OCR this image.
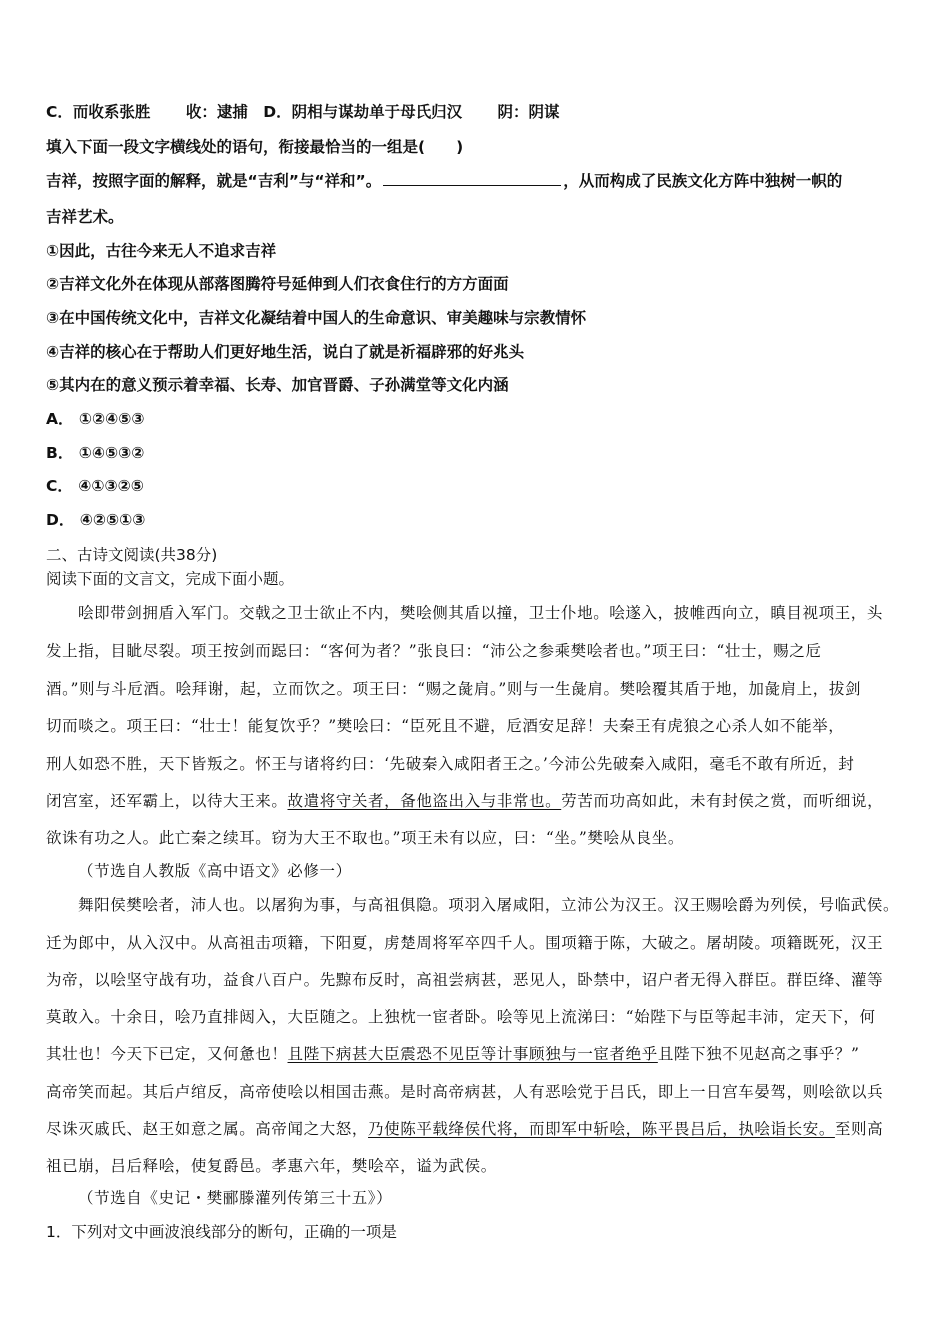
C．而收系张胜 收：逮捕 D．阴相与谋劫单于母氏归汉 阴：阴谋
填入下面一段文字横线处的语句，衔接最恰当的一组是(　　)
吉祥，按照字面的解释，就是“吉利”与“祥和”。	，从而构成了民族文化方阵中独树一帜的
吉祥艺术。
①因此，古往今来无人不追求吉祥
②吉祥文化外在体现从部落图腾符号延伸到人们衣食住行的方方面面
③在中国传统文化中，吉祥文化凝结着中国人的生命意识、审美趣味与宗教情怀
④吉祥的核心在于帮助人们更好地生活，说白了就是祈福辟邪的好兆头
⑤其内在的意义预示着幸福、长寿、加官晋爵、子孙满堂等文化内涵
A． ①②④⑤③
B． ①④⑤③②
C． ④①③②⑤
D． ④②⑤①③
二、古诗文阅读(共38分)
阅读下面的文言文，完成下面小题。
哙即带剑拥盾入军门。交戟之卫士欲止不内，樊哙侧其盾以撞，卫士仆地。哙遂入，披帷西向立，瞋目视项王，头
发上指，目眦尽裂。项王按剑而跽曰：“客何为者？”张良曰：“沛公之参乘樊哙者也。”项王曰：“壮士，赐之卮
酒。”则与斗卮酒。哙拜谢，起，立而饮之。项王曰：“赐之彘肩。”则与一生彘肩。樊哙覆其盾于地，加彘肩上，拔剑
切而啖之。项王曰：“壮士！能复饮乎？”樊哙曰：“臣死且不避，卮酒安足辞！夫秦王有虎狼之心杀人如不能举，
刑人如恐不胜，天下皆叛之。怀王与诸将约曰：‘先破秦入咸阳者王之。’今沛公先破秦入咸阳，毫毛不敢有所近，封
闭宫室，还军霸上，以待大王来。故遣将守关者，备他盗出入与非常也。劳苦而功高如此，未有封侯之赏，而听细说，
欲诛有功之人。此亡秦之续耳。窃为大王不取也。”项王未有以应，曰：“坐。”樊哙从良坐。
（节选自人教版《高中语文》必修一）
舞阳侯樊哙者，沛人也。以屠狗为事，与高祖俱隐。项羽入屠咸阳，立沛公为汉王。汉王赐哙爵为列侯，号临武侯。
迁为郎中，从入汉中。从高祖击项籍，下阳夏，虏楚周将军卒四千人。围项籍于陈，大破之。屠胡陵。项籍既死，汉王
为帝，以哙坚守战有功，益食八百户。先黥布反时，高祖尝病甚，恶见人，卧禁中，诏户者无得入群臣。群臣绛、灌等
莫敢入。十余日，哙乃直排闼入，大臣随之。上独枕一宦者卧。哙等见上流涕曰：“始陛下与臣等起丰沛，定天下，何
其壮也！今天下已定，又何惫也！且陛下病甚大臣震恐不见臣等计事顾独与一宦者绝乎且陛下独不见赵高之事乎？”
高帝笑而起。其后卢绾反，高帝使哙以相国击燕。是时高帝病甚，人有恶哙党于吕氏，即上一日宫车晏驾，则哙欲以兵
尽诛灭戚氏、赵王如意之属。高帝闻之大怒，乃使陈平载绛侯代将，而即军中斩哙，陈平畏吕后，执哙诣长安。至则高
祖已崩，吕后释哙，使复爵邑。孝惠六年，樊哙卒，谥为武侯。
（节选自《史记・樊郦滕灌列传第三十五》）
1．下列对文中画波浪线部分的断句，正确的一项是
